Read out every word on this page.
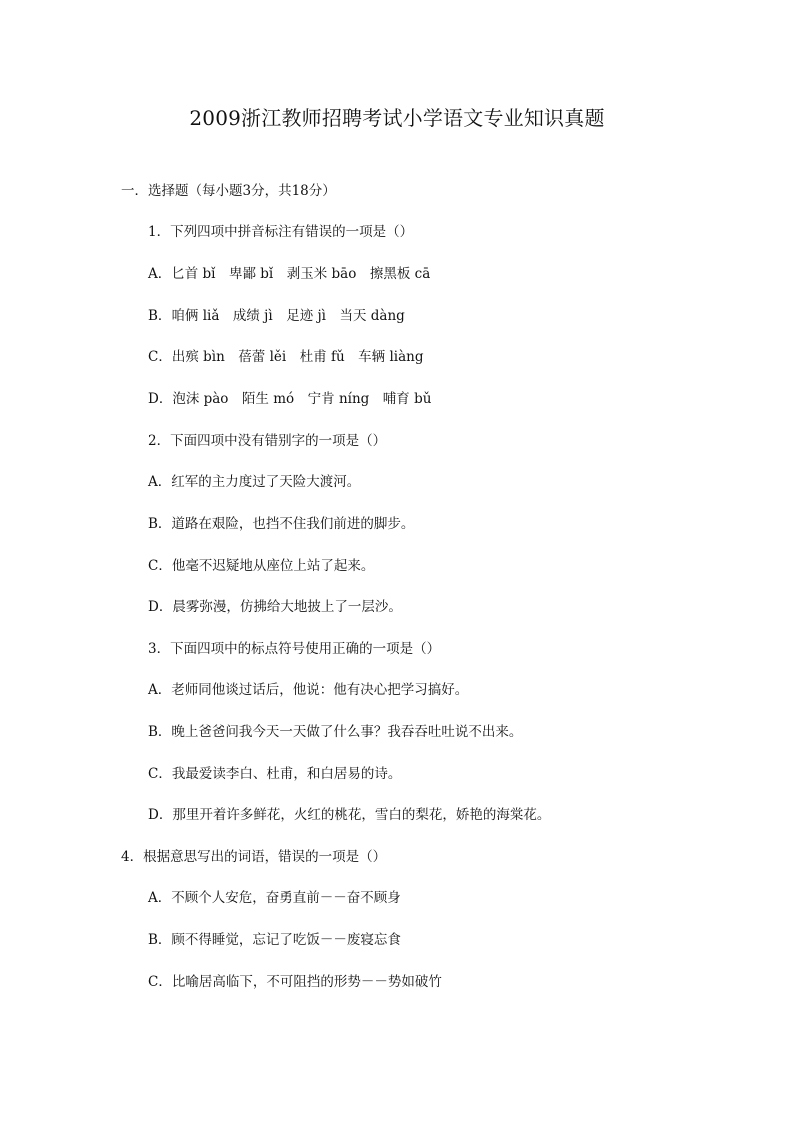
2009浙江教师招聘考试小学语文专业知识真题
一．选择题（每小题3分，共18分）
1．下列四项中拼音标注有错误的一项是（）
A．匕首 bǐ　卑鄙 bǐ　剥玉米 bāo　擦黑板 cā
B．咱俩 liǎ　成绩 jì　足迹 jì　当天 dàng
C．出殡 bìn　蓓蕾 lěi　杜甫 fǔ　车辆 liàng
D．泡沫 pào　陌生 mó　宁肯 níng　哺育 bǔ
2．下面四项中没有错别字的一项是（）
A．红军的主力度过了天险大渡河。
B．道路在艰险，也挡不住我们前进的脚步。
C．他毫不迟疑地从座位上站了起来。
D．晨雾弥漫，仿拂给大地披上了一层沙。
3．下面四项中的标点符号使用正确的一项是（）
A．老师同他谈过话后，他说：他有决心把学习搞好。
B．晚上爸爸问我今天一天做了什么事？我吞吞吐吐说不出来。
C．我最爱读李白、杜甫，和白居易的诗。
D．那里开着许多鲜花，火红的桃花，雪白的梨花，娇艳的海棠花。
4．根据意思写出的词语，错误的一项是（）
A．不顾个人安危，奋勇直前－－奋不顾身
B．顾不得睡觉，忘记了吃饭－－废寝忘食
C．比喻居高临下，不可阻挡的形势－－势如破竹
